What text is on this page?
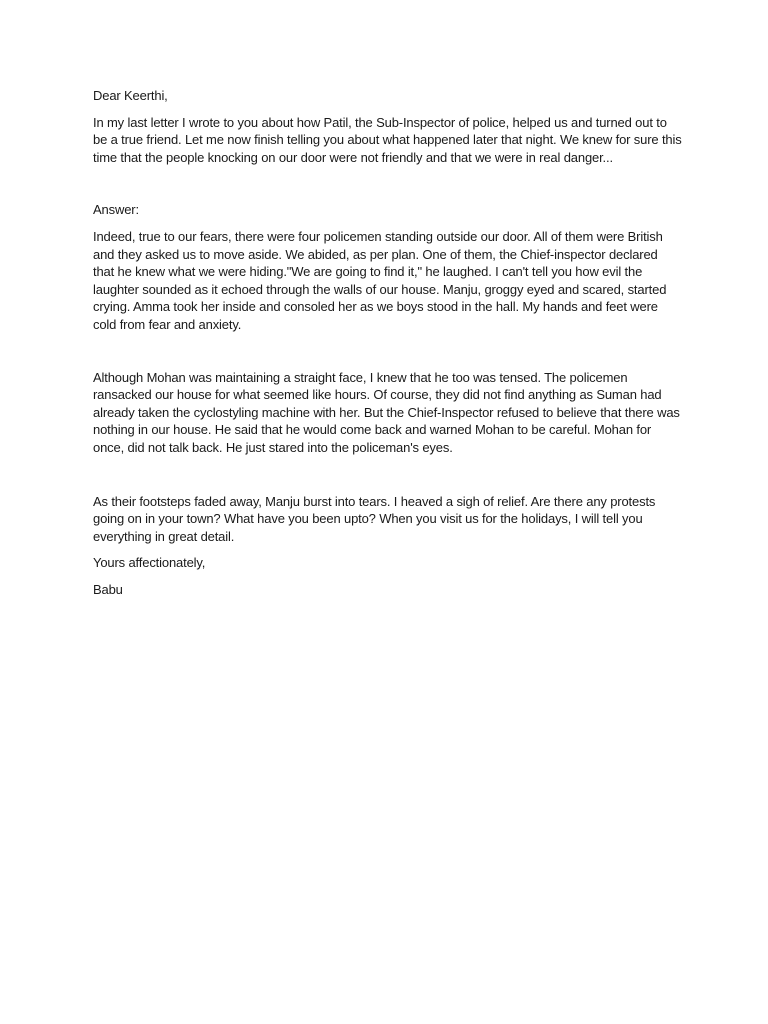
Dear Keerthi,

In my last letter I wrote to you about how Patil, the Sub-Inspector of police, helped us and turned out to be a true friend. Let me now finish telling you about what happened later that night. We knew for sure this time that the people knocking on our door were not friendly and that we were in real danger...

Answer:

Indeed, true to our fears, there were four policemen standing outside our door. All of them were British and they asked us to move aside. We abided, as per plan. One of them, the Chief-inspector declared that he knew what we were hiding."We are going to find it," he laughed. I can't tell you how evil the laughter sounded as it echoed through the walls of our house. Manju, groggy eyed and scared, started crying. Amma took her inside and consoled her as we boys stood in the hall. My hands and feet were cold from fear and anxiety.

Although Mohan was maintaining a straight face, I knew that he too was tensed. The policemen ransacked our house for what seemed like hours. Of course, they did not find anything as Suman had already taken the cyclostyling machine with her. But the Chief-Inspector refused to believe that there was nothing in our house. He said that he would come back and warned Mohan to be careful. Mohan for once, did not talk back. He just stared into the policeman's eyes.

As their footsteps faded away, Manju burst into tears. I heaved a sigh of relief. Are there any protests going on in your town? What have you been upto? When you visit us for the holidays, I will tell you everything in great detail.

Yours affectionately,

Babu
